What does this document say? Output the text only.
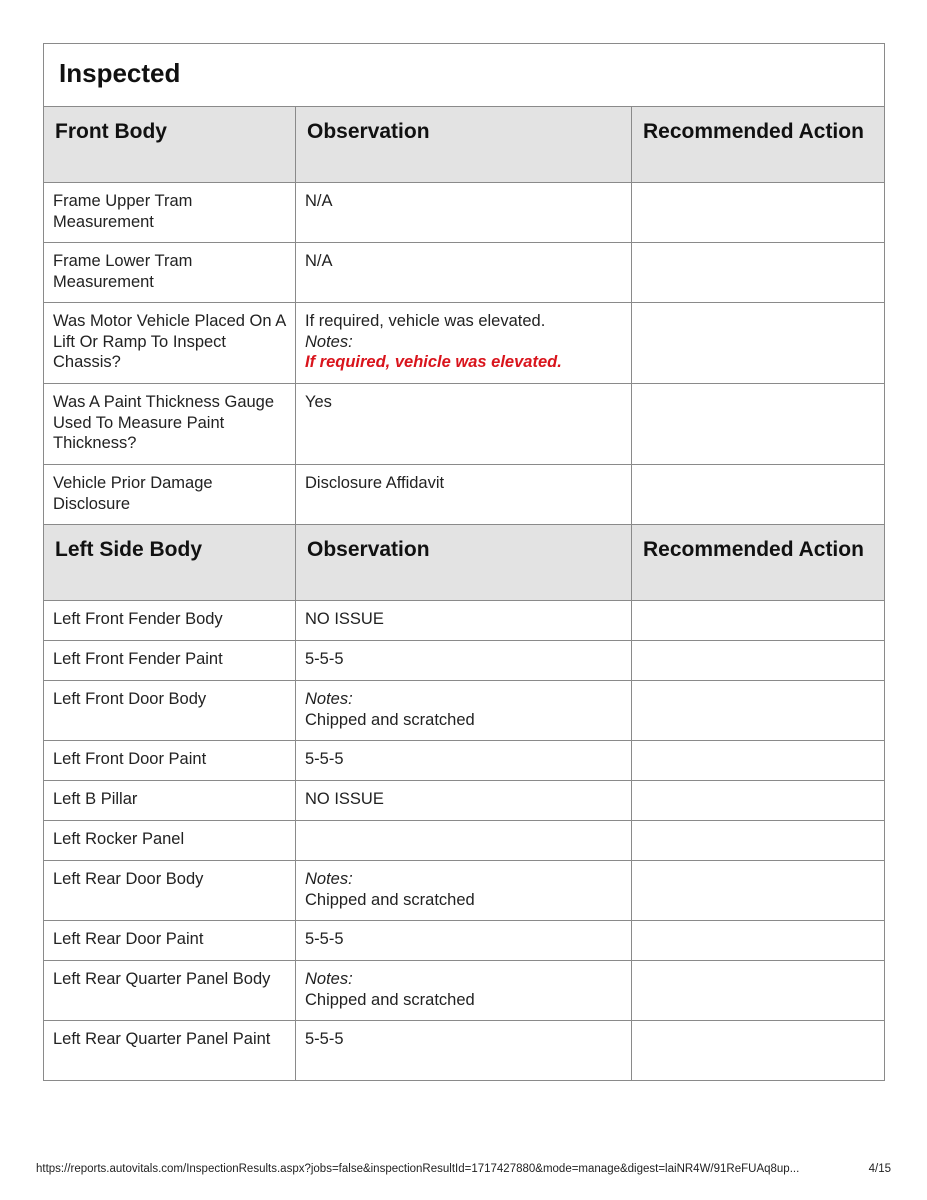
Inspected		
Front Body	Observation	Recommended Action
Frame Upper Tram Measurement	N/A	

Frame Lower Tram Measurement	N/A	

Was Motor Vehicle Placed On A Lift Or Ramp To Inspect Chassis?	If required, vehicle was elevated.
Notes:
If required, vehicle was elevated.	

Was A Paint Thickness Gauge Used To Measure Paint Thickness?	Yes	

Vehicle Prior Damage Disclosure	Disclosure Affidavit	

Left Side Body	Observation	Recommended Action
Left Front Fender Body	NO ISSUE	

Left Front Fender Paint	5-5-5	

Left Front Door Body	Notes:
Chipped and scratched	

Left Front Door Paint	5-5-5	

Left B Pillar	NO ISSUE	

Left Rocker Panel	

Left Rear Door Body	Notes:
Chipped and scratched	

Left Rear Door Paint	5-5-5	

Left Rear Quarter Panel Body	Notes:
Chipped and scratched	

Left Rear Quarter Panel Paint	5-5-5	

https://reports.autovitals.com/InspectionResults.aspx?jobs=false&inspectionResultId=1717427880&mode=manage&digest=laiNR4W/91ReFUAq8up...	4/15
